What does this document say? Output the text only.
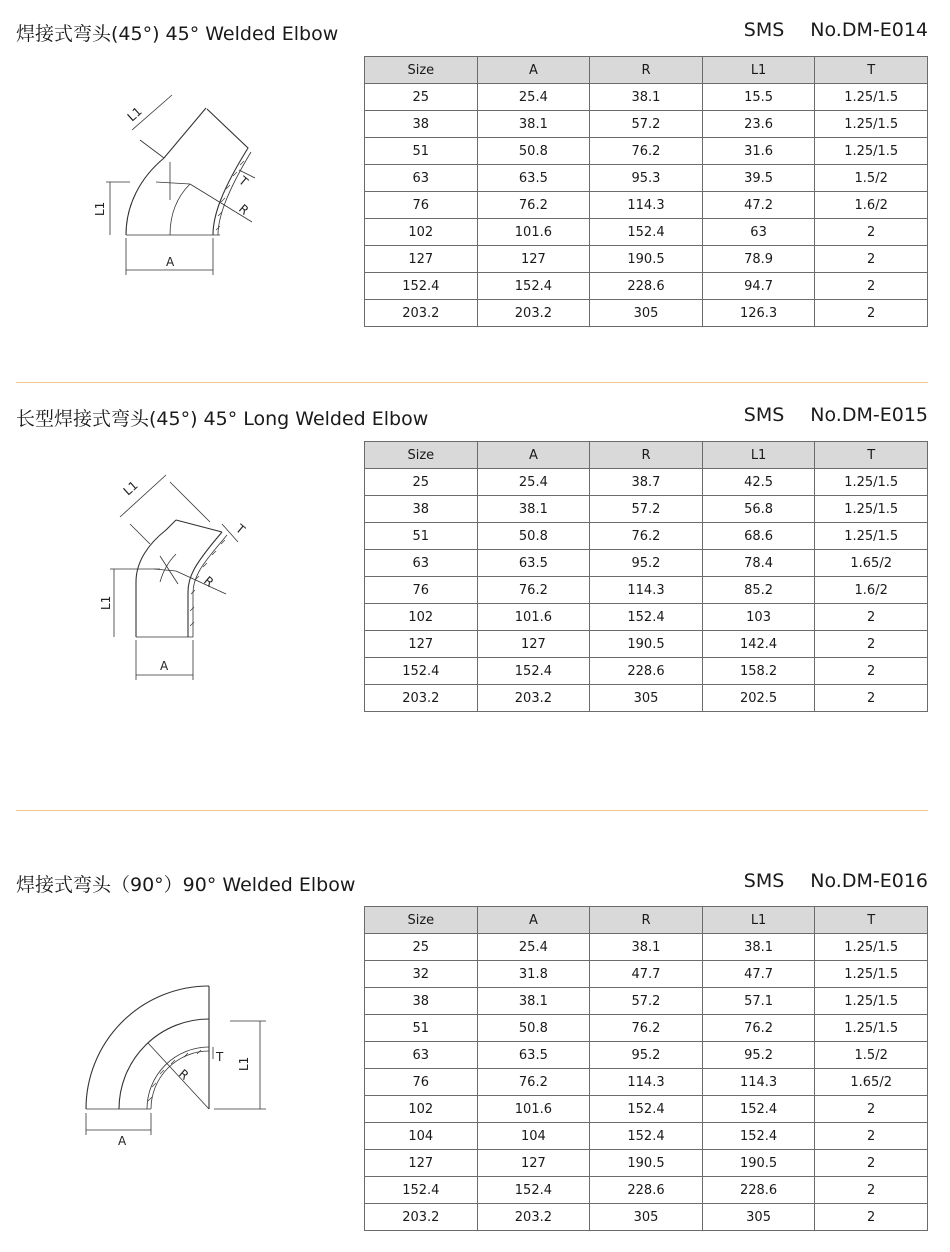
焊接式弯头(45°) 45° Welded Elbow	SMS No.DM-E014
L1
L1
T
R
A
Size	A	R	L1	T
25	25.4	38.1	15.5	1.25/1.5
38	38.1	57.2	23.6	1.25/1.5
51	50.8	76.2	31.6	1.25/1.5
63	63.5	95.3	39.5	1.5/2
76	76.2	114.3	47.2	1.6/2
102	101.6	152.4	63	2
127	127	190.5	78.9	2
152.4	152.4	228.6	94.7	2
203.2	203.2	305	126.3	2
长型焊接式弯头(45°) 45° Long Welded Elbow	SMS No.DM-E015
L1
L1
T
R
A
Size	A	R	L1	T
25	25.4	38.7	42.5	1.25/1.5
38	38.1	57.2	56.8	1.25/1.5
51	50.8	76.2	68.6	1.25/1.5
63	63.5	95.2	78.4	1.65/2
76	76.2	114.3	85.2	1.6/2
102	101.6	152.4	103	2
127	127	190.5	142.4	2
152.4	152.4	228.6	158.2	2
203.2	203.2	305	202.5	2
焊接式弯头（90°）90° Welded Elbow	SMS No.DM-E016
R
T L1
A
Size	A	R	L1	T
25	25.4	38.1	38.1	1.25/1.5
32	31.8	47.7	47.7	1.25/1.5
38	38.1	57.2	57.1	1.25/1.5
51	50.8	76.2	76.2	1.25/1.5
63	63.5	95.2	95.2	1.5/2
76	76.2	114.3	114.3	1.65/2
102	101.6	152.4	152.4	2
104	104	152.4	152.4	2
127	127	190.5	190.5	2
152.4	152.4	228.6	228.6	2
203.2	203.2	305	305	2
